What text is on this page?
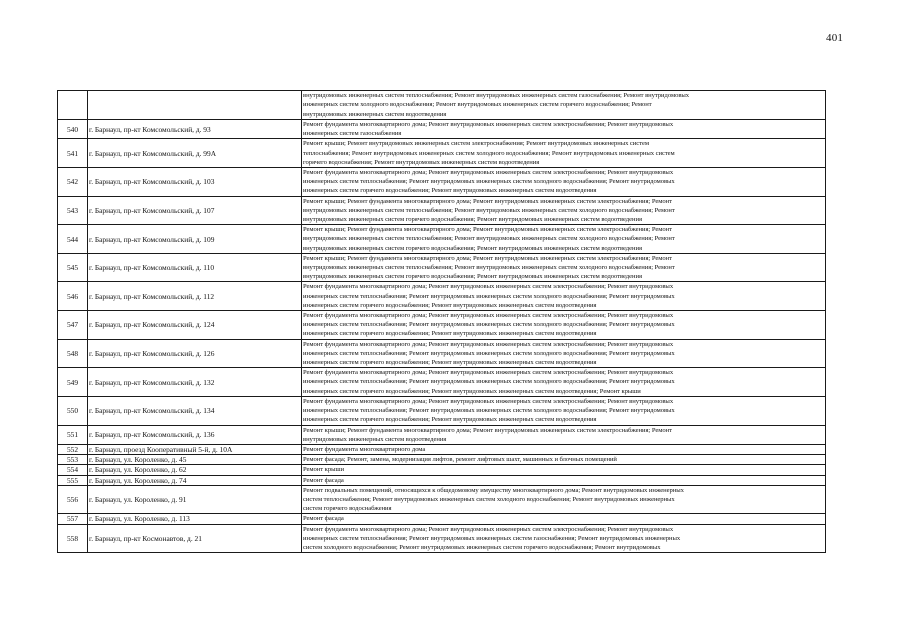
401

		внутридомовых инженерных систем теплоснабжения; Ремонт внутридомовых инженерных систем газоснабжения; Ремонт внутридомовых
инженерных систем холодного водоснабжения; Ремонт внутридомовых инженерных систем горячего водоснабжения; Ремонт
внутридомовых инженерных систем водоотведения

540	г. Барнаул, пр-кт Комсомольский, д. 93	Ремонт фундамента многоквартирного дома; Ремонт внутридомовых инженерных систем электроснабжения; Ремонт внутридомовых
инженерных систем газоснабжения

541	г. Барнаул, пр-кт Комсомольский, д. 99А	Ремонт крыши; Ремонт внутридомовых инженерных систем электроснабжения; Ремонт внутридомовых инженерных систем
теплоснабжения; Ремонт внутридомовых инженерных систем холодного водоснабжения; Ремонт внутридомовых инженерных систем
горячего водоснабжения; Ремонт внутридомовых инженерных систем водоотведения

542	г. Барнаул, пр-кт Комсомольский, д. 103	Ремонт фундамента многоквартирного дома; Ремонт внутридомовых инженерных систем электроснабжения; Ремонт внутридомовых
инженерных систем теплоснабжения; Ремонт внутридомовых инженерных систем холодного водоснабжения; Ремонт внутридомовых
инженерных систем горячего водоснабжения; Ремонт внутридомовых инженерных систем водоотведения

543	г. Барнаул, пр-кт Комсомольский, д. 107	Ремонт крыши; Ремонт фундамента многоквартирного дома; Ремонт внутридомовых инженерных систем электроснабжения; Ремонт
внутридомовых инженерных систем теплоснабжения; Ремонт внутридомовых инженерных систем холодного водоснабжения; Ремонт
внутридомовых инженерных систем горячего водоснабжения; Ремонт внутридомовых инженерных систем водоотведения

544	г. Барнаул, пр-кт Комсомольский, д. 109	Ремонт крыши; Ремонт фундамента многоквартирного дома; Ремонт внутридомовых инженерных систем электроснабжения; Ремонт
внутридомовых инженерных систем теплоснабжения; Ремонт внутридомовых инженерных систем холодного водоснабжения; Ремонт
внутридомовых инженерных систем горячего водоснабжения; Ремонт внутридомовых инженерных систем водоотведения

545	г. Барнаул, пр-кт Комсомольский, д. 110	Ремонт крыши; Ремонт фундамента многоквартирного дома; Ремонт внутридомовых инженерных систем электроснабжения; Ремонт
внутридомовых инженерных систем теплоснабжения; Ремонт внутридомовых инженерных систем холодного водоснабжения; Ремонт
внутридомовых инженерных систем горячего водоснабжения; Ремонт внутридомовых инженерных систем водоотведения

546	г. Барнаул, пр-кт Комсомольский, д. 112	Ремонт фундамента многоквартирного дома; Ремонт внутридомовых инженерных систем электроснабжения; Ремонт внутридомовых
инженерных систем теплоснабжения; Ремонт внутридомовых инженерных систем холодного водоснабжения; Ремонт внутридомовых
инженерных систем горячего водоснабжения; Ремонт внутридомовых инженерных систем водоотведения

547	г. Барнаул, пр-кт Комсомольский, д. 124	Ремонт фундамента многоквартирного дома; Ремонт внутридомовых инженерных систем электроснабжения; Ремонт внутридомовых
инженерных систем теплоснабжения; Ремонт внутридомовых инженерных систем холодного водоснабжения; Ремонт внутридомовых
инженерных систем горячего водоснабжения; Ремонт внутридомовых инженерных систем водоотведения

548	г. Барнаул, пр-кт Комсомольский, д. 126	Ремонт фундамента многоквартирного дома; Ремонт внутридомовых инженерных систем электроснабжения; Ремонт внутридомовых
инженерных систем теплоснабжения; Ремонт внутридомовых инженерных систем холодного водоснабжения; Ремонт внутридомовых
инженерных систем горячего водоснабжения; Ремонт внутридомовых инженерных систем водоотведения

549	г. Барнаул, пр-кт Комсомольский, д. 132	Ремонт фундамента многоквартирного дома; Ремонт внутридомовых инженерных систем электроснабжения; Ремонт внутридомовых
инженерных систем теплоснабжения; Ремонт внутридомовых инженерных систем холодного водоснабжения; Ремонт внутридомовых
инженерных систем горячего водоснабжения; Ремонт внутридомовых инженерных систем водоотведения; Ремонт крыши

550	г. Барнаул, пр-кт Комсомольский, д. 134	Ремонт фундамента многоквартирного дома; Ремонт внутридомовых инженерных систем электроснабжения; Ремонт внутридомовых
инженерных систем теплоснабжения; Ремонт внутридомовых инженерных систем холодного водоснабжения; Ремонт внутридомовых
инженерных систем горячего водоснабжения; Ремонт внутридомовых инженерных систем водоотведения

551	г. Барнаул, пр-кт Комсомольский, д. 136	Ремонт крыши; Ремонт фундамента многоквартирного дома; Ремонт внутридомовых инженерных систем электроснабжения; Ремонт
внутридомовых инженерных систем водоотведения

552	г. Барнаул, проезд Кооперативный 5-й, д. 10А	Ремонт фундамента многоквартирного дома

553	г. Барнаул, ул. Короленко, д. 45	Ремонт фасада; Ремонт, замена, модернизация лифтов, ремонт лифтовых шахт, машинных и блочных помещений

554	г. Барнаул, ул. Короленко, д. 62	Ремонт крыши

555	г. Барнаул, ул. Короленко, д. 74	Ремонт фасада

556	г. Барнаул, ул. Короленко, д. 91	Ремонт подвальных помещений, относящихся к общедомовому имуществу многоквартирного дома; Ремонт внутридомовых инженерных
систем теплоснабжения; Ремонт внутридомовых инженерных систем холодного водоснабжения; Ремонт внутридомовых инженерных
систем горячего водоснабжения

557	г. Барнаул, ул. Короленко, д. 113	Ремонт фасада

558	г. Барнаул, пр-кт Космонавтов, д. 21	Ремонт фундамента многоквартирного дома; Ремонт внутридомовых инженерных систем электроснабжения; Ремонт внутридомовых
инженерных систем теплоснабжения; Ремонт внутридомовых инженерных систем газоснабжения; Ремонт внутридомовых инженерных
систем холодного водоснабжения; Ремонт внутридомовых инженерных систем горячего водоснабжения; Ремонт внутридомовых
